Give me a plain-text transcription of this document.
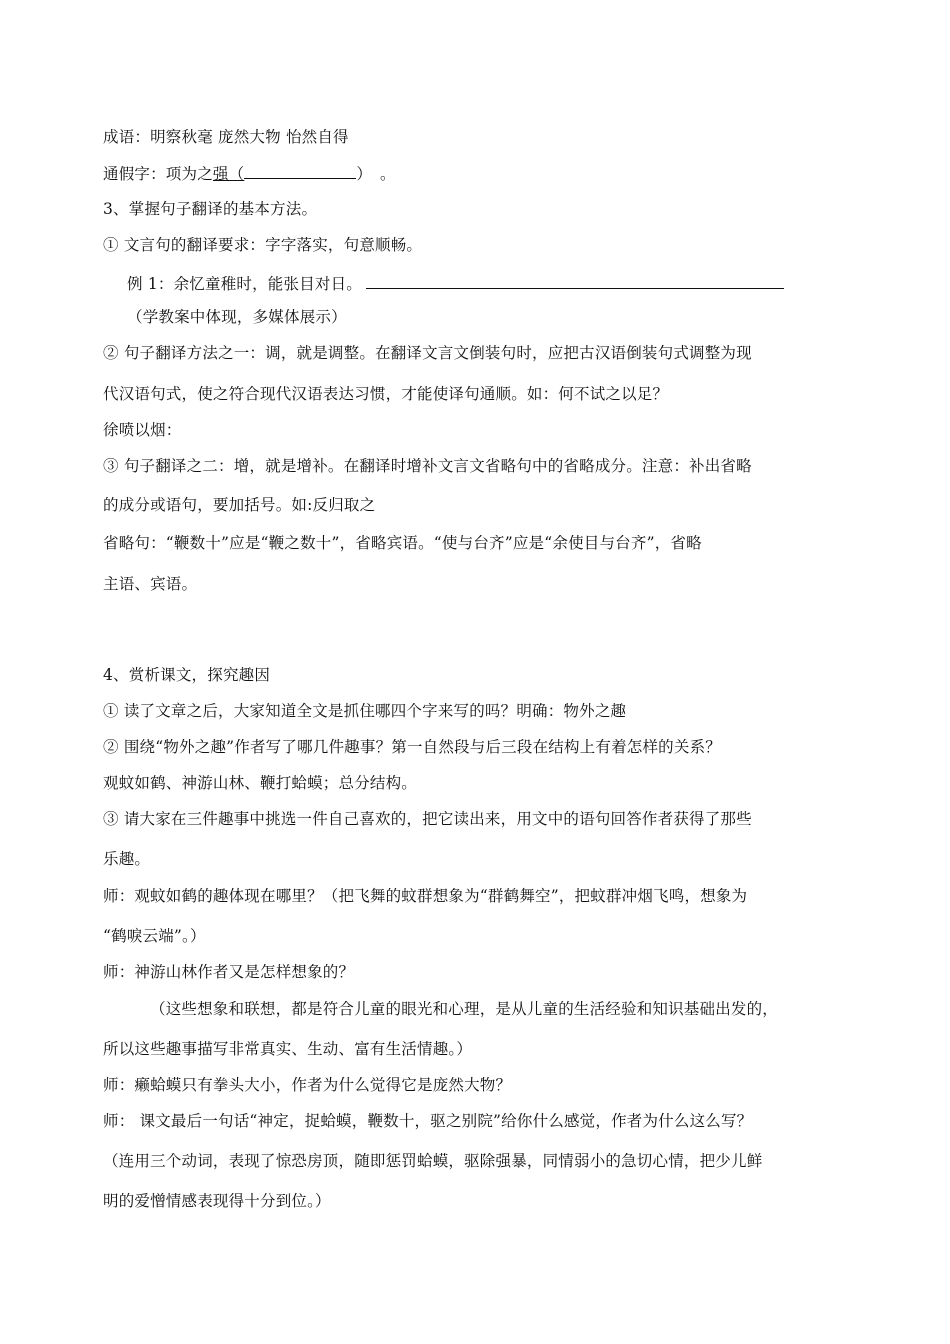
成语：明察秋毫 庞然大物 怡然自得
通假字：项为之强（	）　。
3、掌握句子翻译的基本方法。
① 文言句的翻译要求：字字落实，句意顺畅。
例 1：余忆童稚时，能张目对日。
（学教案中体现，多媒体展示）
② 句子翻译方法之一：调，就是调整。在翻译文言文倒装句时，应把古汉语倒装句式调整为现
代汉语句式，使之符合现代汉语表达习惯，才能使译句通顺。如：何不试之以足？
徐喷以烟：
③ 句子翻译之二：增，就是增补。在翻译时增补文言文省略句中的省略成分。注意：补出省略
的成分或语句，要加括号。如:反归取之
省略句：“鞭数十”应是“鞭之数十”，省略宾语。“使与台齐”应是“余使目与台齐”，省略
主语、宾语。
4、赏析课文，探究趣因
① 读了文章之后，大家知道全文是抓住哪四个字来写的吗？明确：物外之趣
② 围绕“物外之趣”作者写了哪几件趣事？第一自然段与后三段在结构上有着怎样的关系？
观蚊如鹤、神游山林、鞭打蛤蟆；总分结构。
③ 请大家在三件趣事中挑选一件自己喜欢的，把它读出来，用文中的语句回答作者获得了那些
乐趣。
师：观蚊如鹤的趣体现在哪里？（把飞舞的蚊群想象为“群鹤舞空”，把蚊群冲烟飞鸣，想象为
“鹤唳云端”。）
师：神游山林作者又是怎样想象的？
（这些想象和联想，都是符合儿童的眼光和心理，是从儿童的生活经验和知识基础出发的，
所以这些趣事描写非常真实、生动、富有生活情趣。）
师：癞蛤蟆只有拳头大小，作者为什么觉得它是庞然大物？
师： 课文最后一句话“神定，捉蛤蟆，鞭数十，驱之别院”给你什么感觉，作者为什么这么写？
（连用三个动词，表现了惊恐房顶，随即惩罚蛤蟆，驱除强暴，同情弱小的急切心情，把少儿鲜
明的爱憎情感表现得十分到位。）
